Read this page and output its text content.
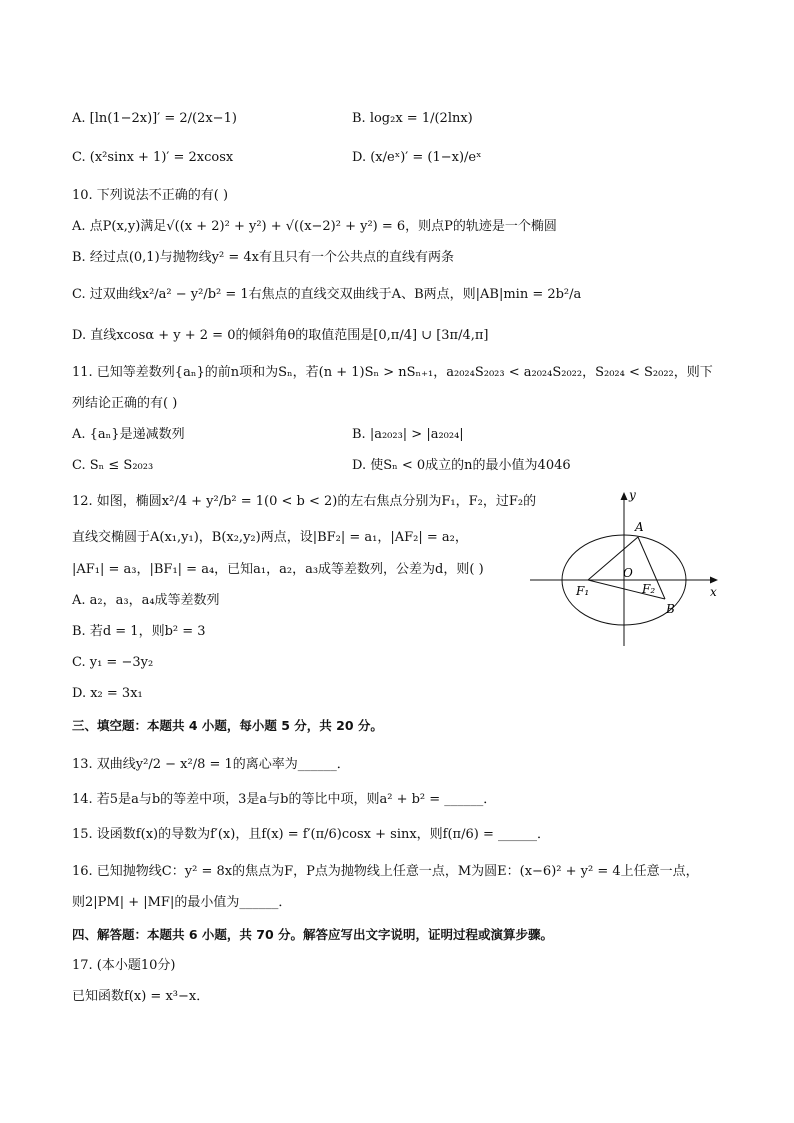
A. [ln(1−2x)]′ = 2/(2x−1)	B. log₂x = 1/(2lnx)
C. (x²sinx + 1)′ = 2xcosx	D. (x/eˣ)′ = (1−x)/eˣ
10. 下列说法不正确的有( )
A. 点P(x,y)满足√((x + 2)² + y²) + √((x−2)² + y²) = 6，则点P的轨迹是一个椭圆
B. 经过点(0,1)与抛物线y² = 4x有且只有一个公共点的直线有两条
C. 过双曲线x²/a² − y²/b² = 1右焦点的直线交双曲线于A、B两点，则|AB|min = 2b²/a
D. 直线xcosα + y + 2 = 0的倾斜角θ的取值范围是[0,π/4] ∪ [3π/4,π]
11. 已知等差数列{aₙ}的前n项和为Sₙ，若(n + 1)Sₙ > nSₙ₊₁，a₂₀₂₄S₂₀₂₃ < a₂₀₂₄S₂₀₂₂，S₂₀₂₄ < S₂₀₂₂，则下
列结论正确的有( )
A. {aₙ}是递减数列	B. |a₂₀₂₃| > |a₂₀₂₄|
C. Sₙ ≤ S₂₀₂₃	D. 使Sₙ < 0成立的n的最小值为4046
12. 如图，椭圆x²/4 + y²/b² = 1(0 < b < 2)的左右焦点分别为F₁，F₂，过F₂的
直线交椭圆于A(x₁,y₁)，B(x₂,y₂)两点，设|BF₂| = a₁，|AF₂| = a₂，
|AF₁| = a₃，|BF₁| = a₄，已知a₁，a₂，a₃成等差数列，公差为d，则( )
A. a₂，a₃，a₄成等差数列
B. 若d = 1，则b² = 3
C. y₁ = −3y₂
D. x₂ = 3x₁
y
x
A
O
F₁	F₂
B
三、填空题：本题共 4 小题，每小题 5 分，共 20 分。
13. 双曲线y²/2 − x²/8 = 1的离心率为______．
14. 若5是a与b的等差中项，3是a与b的等比中项，则a² + b² = ______．
15. 设函数f(x)的导数为f′(x)，且f(x) = f′(π/6)cosx + sinx，则f(π/6) = ______．
16. 已知抛物线C：y² = 8x的焦点为F，P点为抛物线上任意一点，M为圆E：(x−6)² + y² = 4上任意一点，
则2|PM| + |MF|的最小值为______．
四、解答题：本题共 6 小题，共 70 分。解答应写出文字说明，证明过程或演算步骤。
17. (本小题10分)
已知函数f(x) = x³−x．
